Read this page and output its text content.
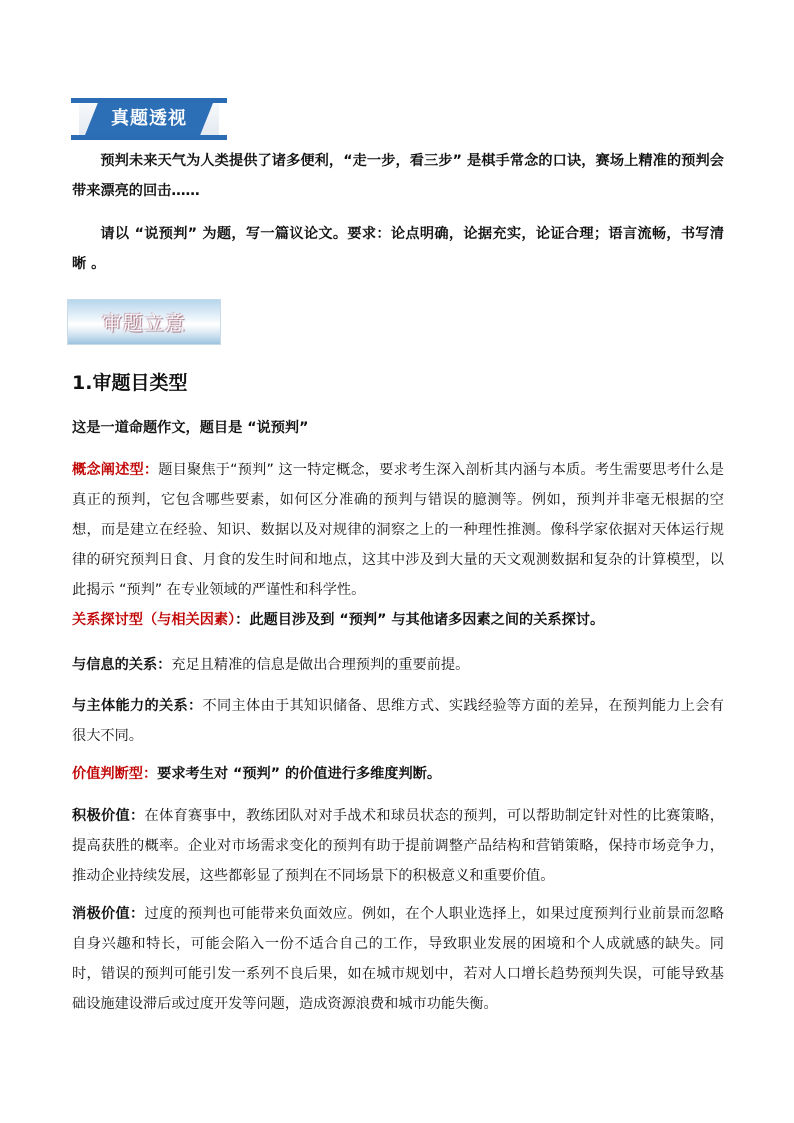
真题透视
预判未来天气为人类提供了诸多便利，“走一步，看三步” 是棋手常念的口诀，赛场上精准的预判会带来漂亮的回击……
请以 “说预判” 为题，写一篇议论文。要求：论点明确，论据充实，论证合理；语言流畅，书写清晰 。
审题立意
1.审题目类型
这是一道命题作文，题目是 “说预判”
概念阐述型：题目聚焦于“预判” 这一特定概念，要求考生深入剖析其内涵与本质。考生需要思考什么是真正的预判，它包含哪些要素，如何区分准确的预判与错误的臆测等。例如，预判并非毫无根据的空想，而是建立在经验、知识、数据以及对规律的洞察之上的一种理性推测。像科学家依据对天体运行规律的研究预判日食、月食的发生时间和地点，这其中涉及到大量的天文观测数据和复杂的计算模型，以此揭示 “预判” 在专业领域的严谨性和科学性。
关系探讨型（与相关因素）：此题目涉及到 “预判” 与其他诸多因素之间的关系探讨。
与信息的关系：充足且精准的信息是做出合理预判的重要前提。
与主体能力的关系：不同主体由于其知识储备、思维方式、实践经验等方面的差异，在预判能力上会有很大不同。
价值判断型：要求考生对 “预判” 的价值进行多维度判断。
积极价值：在体育赛事中，教练团队对对手战术和球员状态的预判，可以帮助制定针对性的比赛策略，提高获胜的概率。企业对市场需求变化的预判有助于提前调整产品结构和营销策略，保持市场竞争力，推动企业持续发展，这些都彰显了预判在不同场景下的积极意义和重要价值。
消极价值：过度的预判也可能带来负面效应。例如，在个人职业选择上，如果过度预判行业前景而忽略自身兴趣和特长，可能会陷入一份不适合自己的工作，导致职业发展的困境和个人成就感的缺失。同时，错误的预判可能引发一系列不良后果，如在城市规划中，若对人口增长趋势预判失误，可能导致基础设施建设滞后或过度开发等问题，造成资源浪费和城市功能失衡。
